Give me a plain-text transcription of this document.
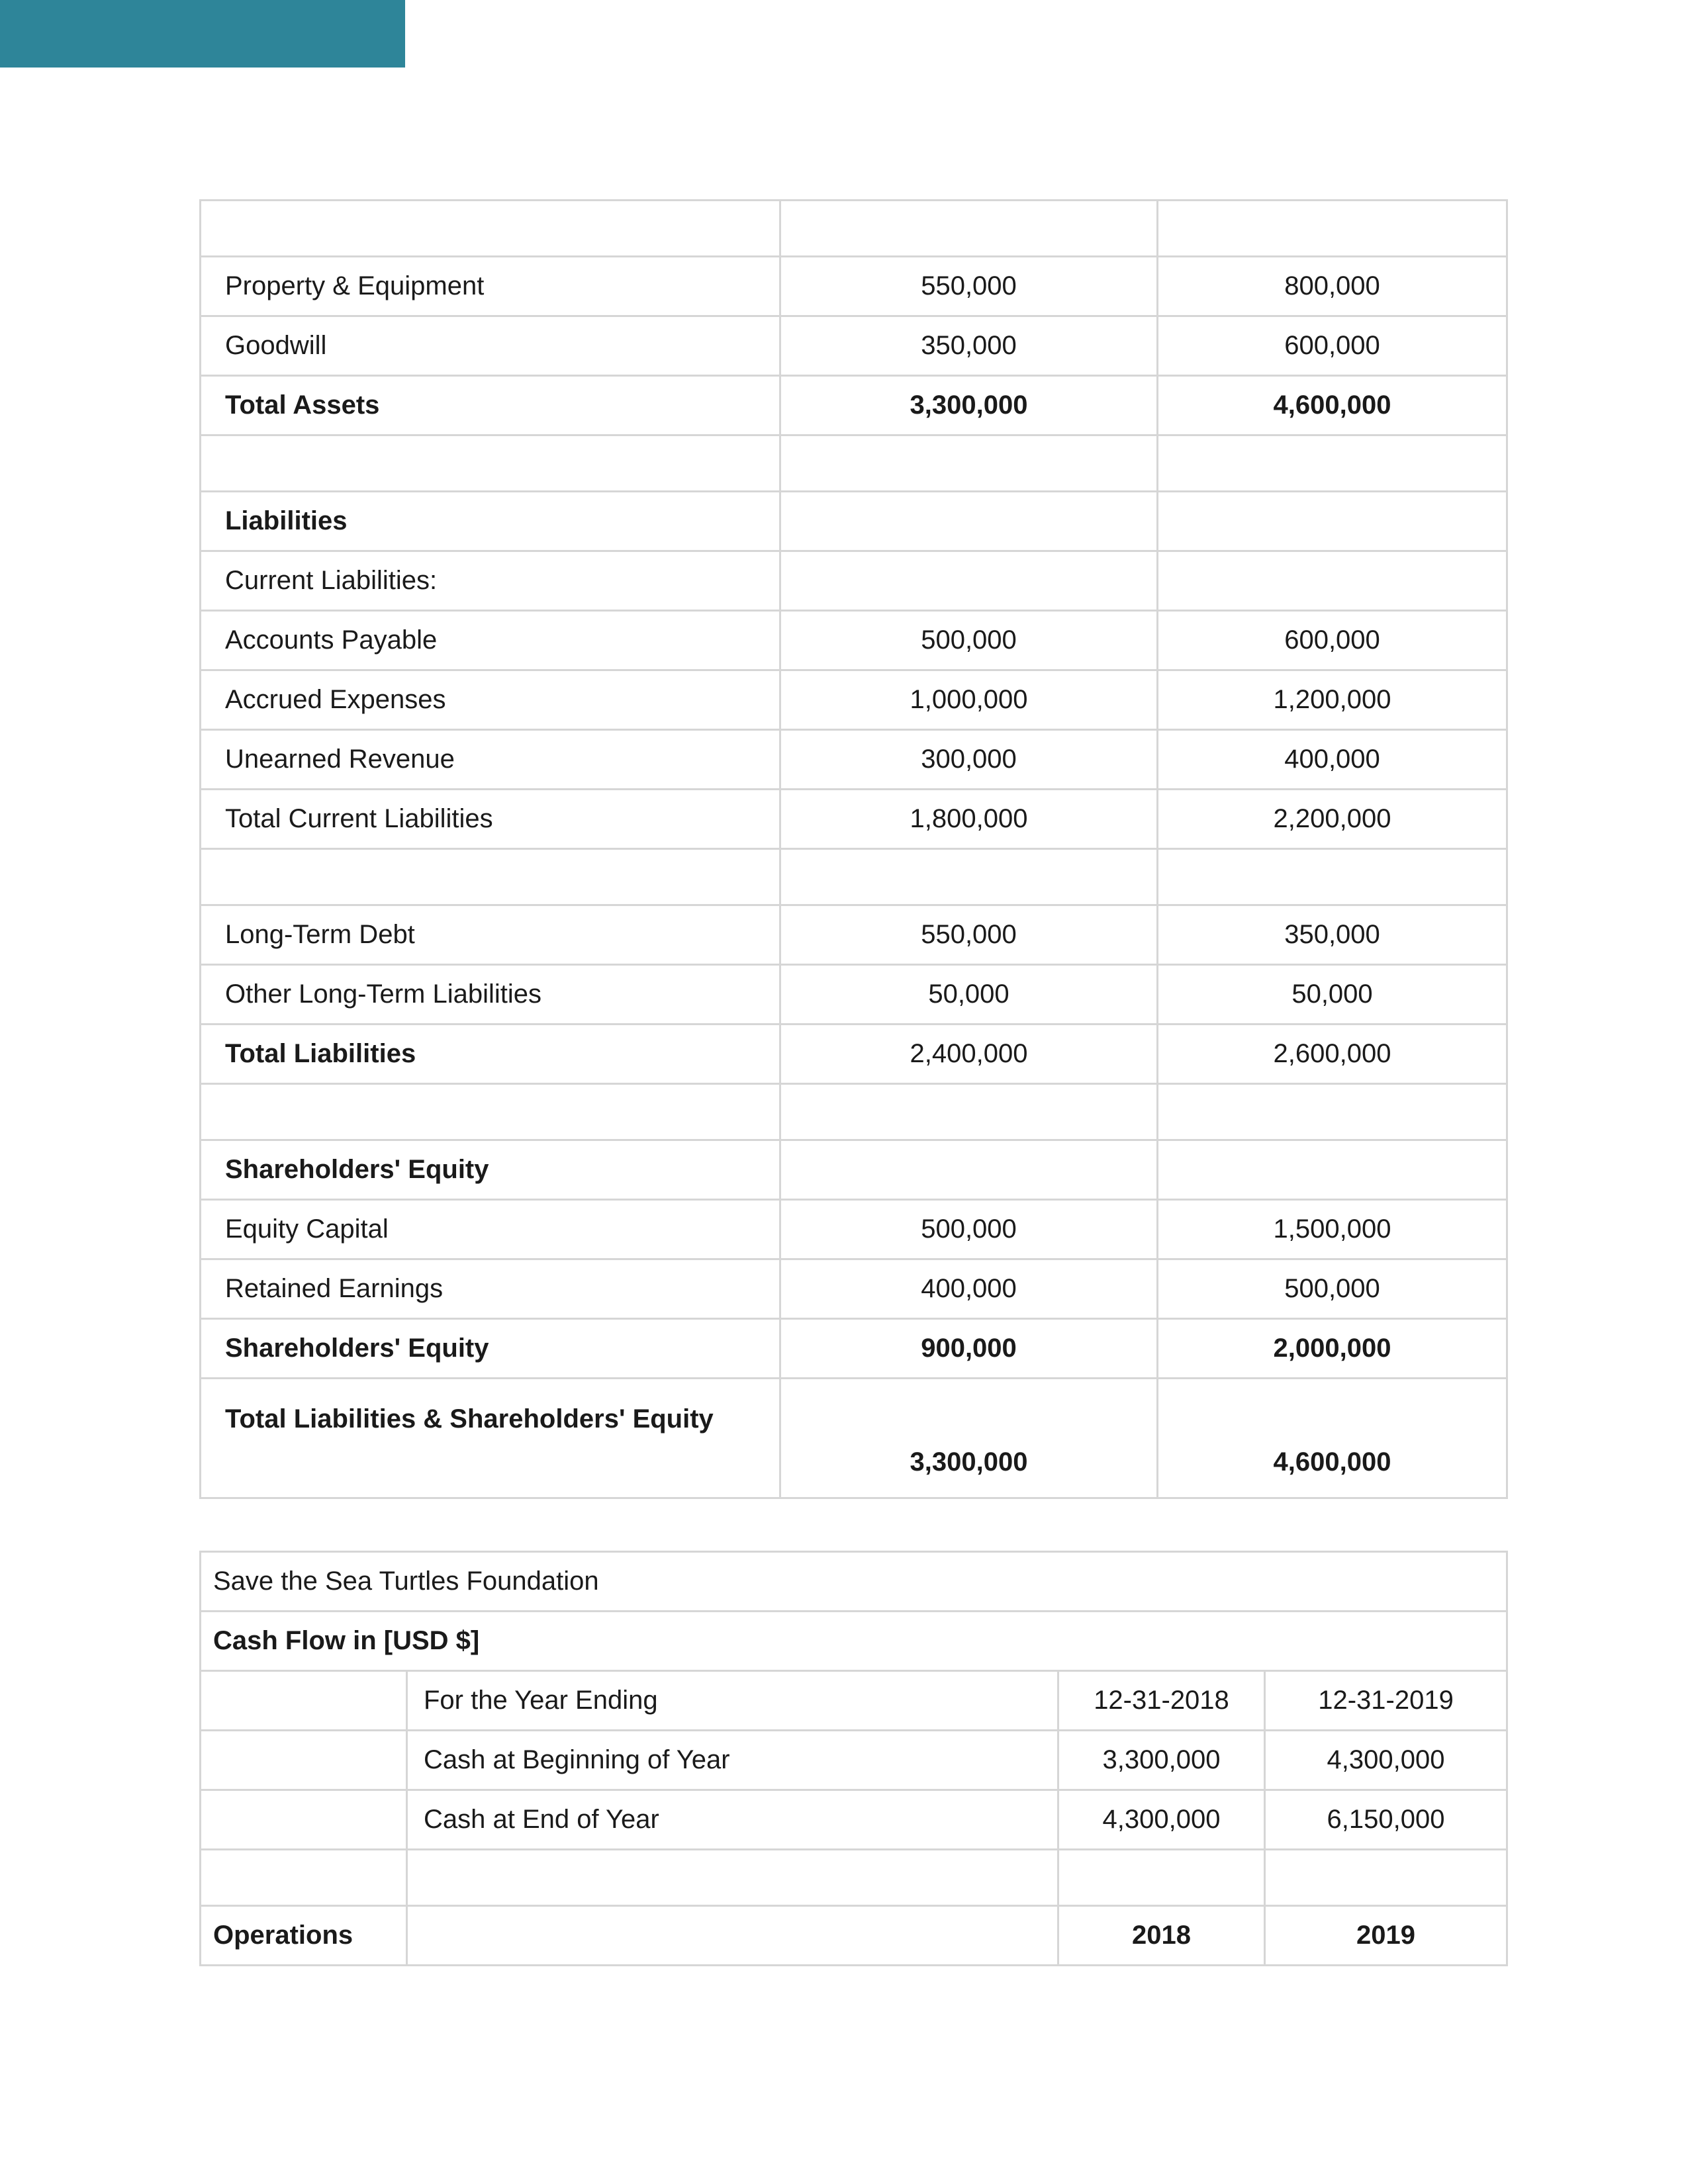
Property & Equipment	550,000	800,000
Goodwill	350,000	600,000
Total Assets	3,300,000	4,600,000

Liabilities		
Current Liabilities:		
Accounts Payable	500,000	600,000
Accrued Expenses	1,000,000	1,200,000
Unearned Revenue	300,000	400,000
Total Current Liabilities	1,800,000	2,200,000

Long-Term Debt	550,000	350,000
Other Long-Term Liabilities	50,000	50,000
Total Liabilities	2,400,000	2,600,000

Shareholders' Equity		
Equity Capital	500,000	1,500,000
Retained Earnings	400,000	500,000
Shareholders' Equity	900,000	2,000,000
Total Liabilities & Shareholders' Equity	3,300,000	4,600,000
Save the Sea Turtles Foundation			
Cash Flow in [USD $]			
	For the Year Ending	12-31-2018	12-31-2019
	Cash at Beginning of Year	3,300,000	4,300,000
	Cash at End of Year	4,300,000	6,150,000

Operations		2018	2019
